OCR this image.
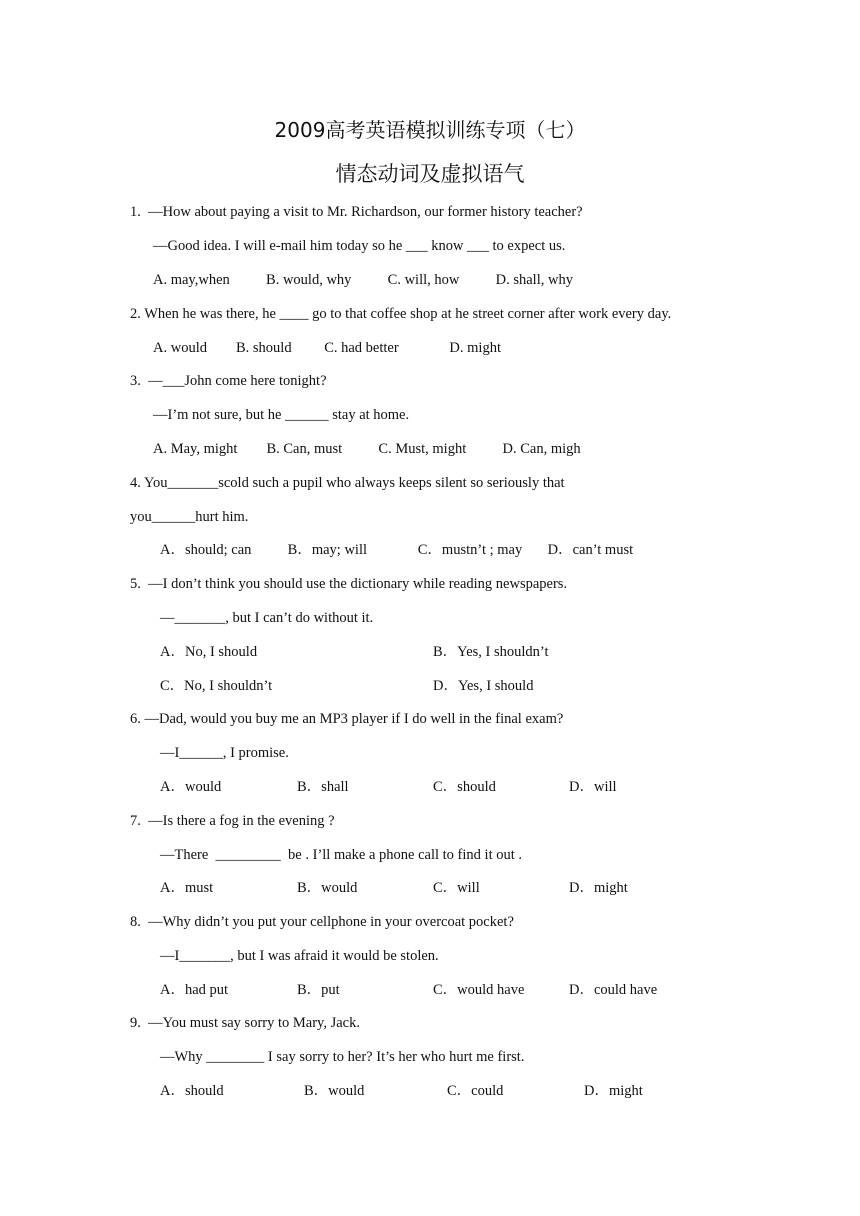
2009高考英语模拟训练专项（七）
情态动词及虚拟语气
1.  —How about paying a visit to Mr. Richardson, our former history teacher?
—Good idea. I will e-mail him today so he ___ know ___ to expect us.
A. may,when          B. would, why          C. will, how          D. shall, why
2. When he was there, he ____ go to that coffee shop at he street corner after work every day.
A. would        B. should         C. had better              D. might
3.  —___John come here tonight?
—I’m not sure, but he ______ stay at home.
A. May, might        B. Can, must          C. Must, might          D. Can, migh
4. You_______scold such a pupil who always keeps silent so seriously that
you______hurt him.
A．should; can          B．may; will              C．mustn’t ; may       D．can’t must
5.  —I don’t think you should use the dictionary while reading newspapers.
—_______, but I can’t do without it.
A．No, I should	B．Yes, I shouldn’t
C．No, I shouldn’t	D．Yes, I should
6. —Dad, would you buy me an MP3 player if I do well in the final exam?
—I______, I promise.
A．would	B．shall	C．should	D．will
7.  —Is there a fog in the evening ?
—There  _________  be . I’ll make a phone call to find it out .
A．must	B．would	C．will	D．might
8.  —Why didn’t you put your cellphone in your overcoat pocket?
—I_______, but I was afraid it would be stolen.
A．had put	B．put	C．would have	D．could have
9.  —You must say sorry to Mary, Jack.
—Why ________ I say sorry to her? It’s her who hurt me first.
A．should	B．would	C．could	D．might
